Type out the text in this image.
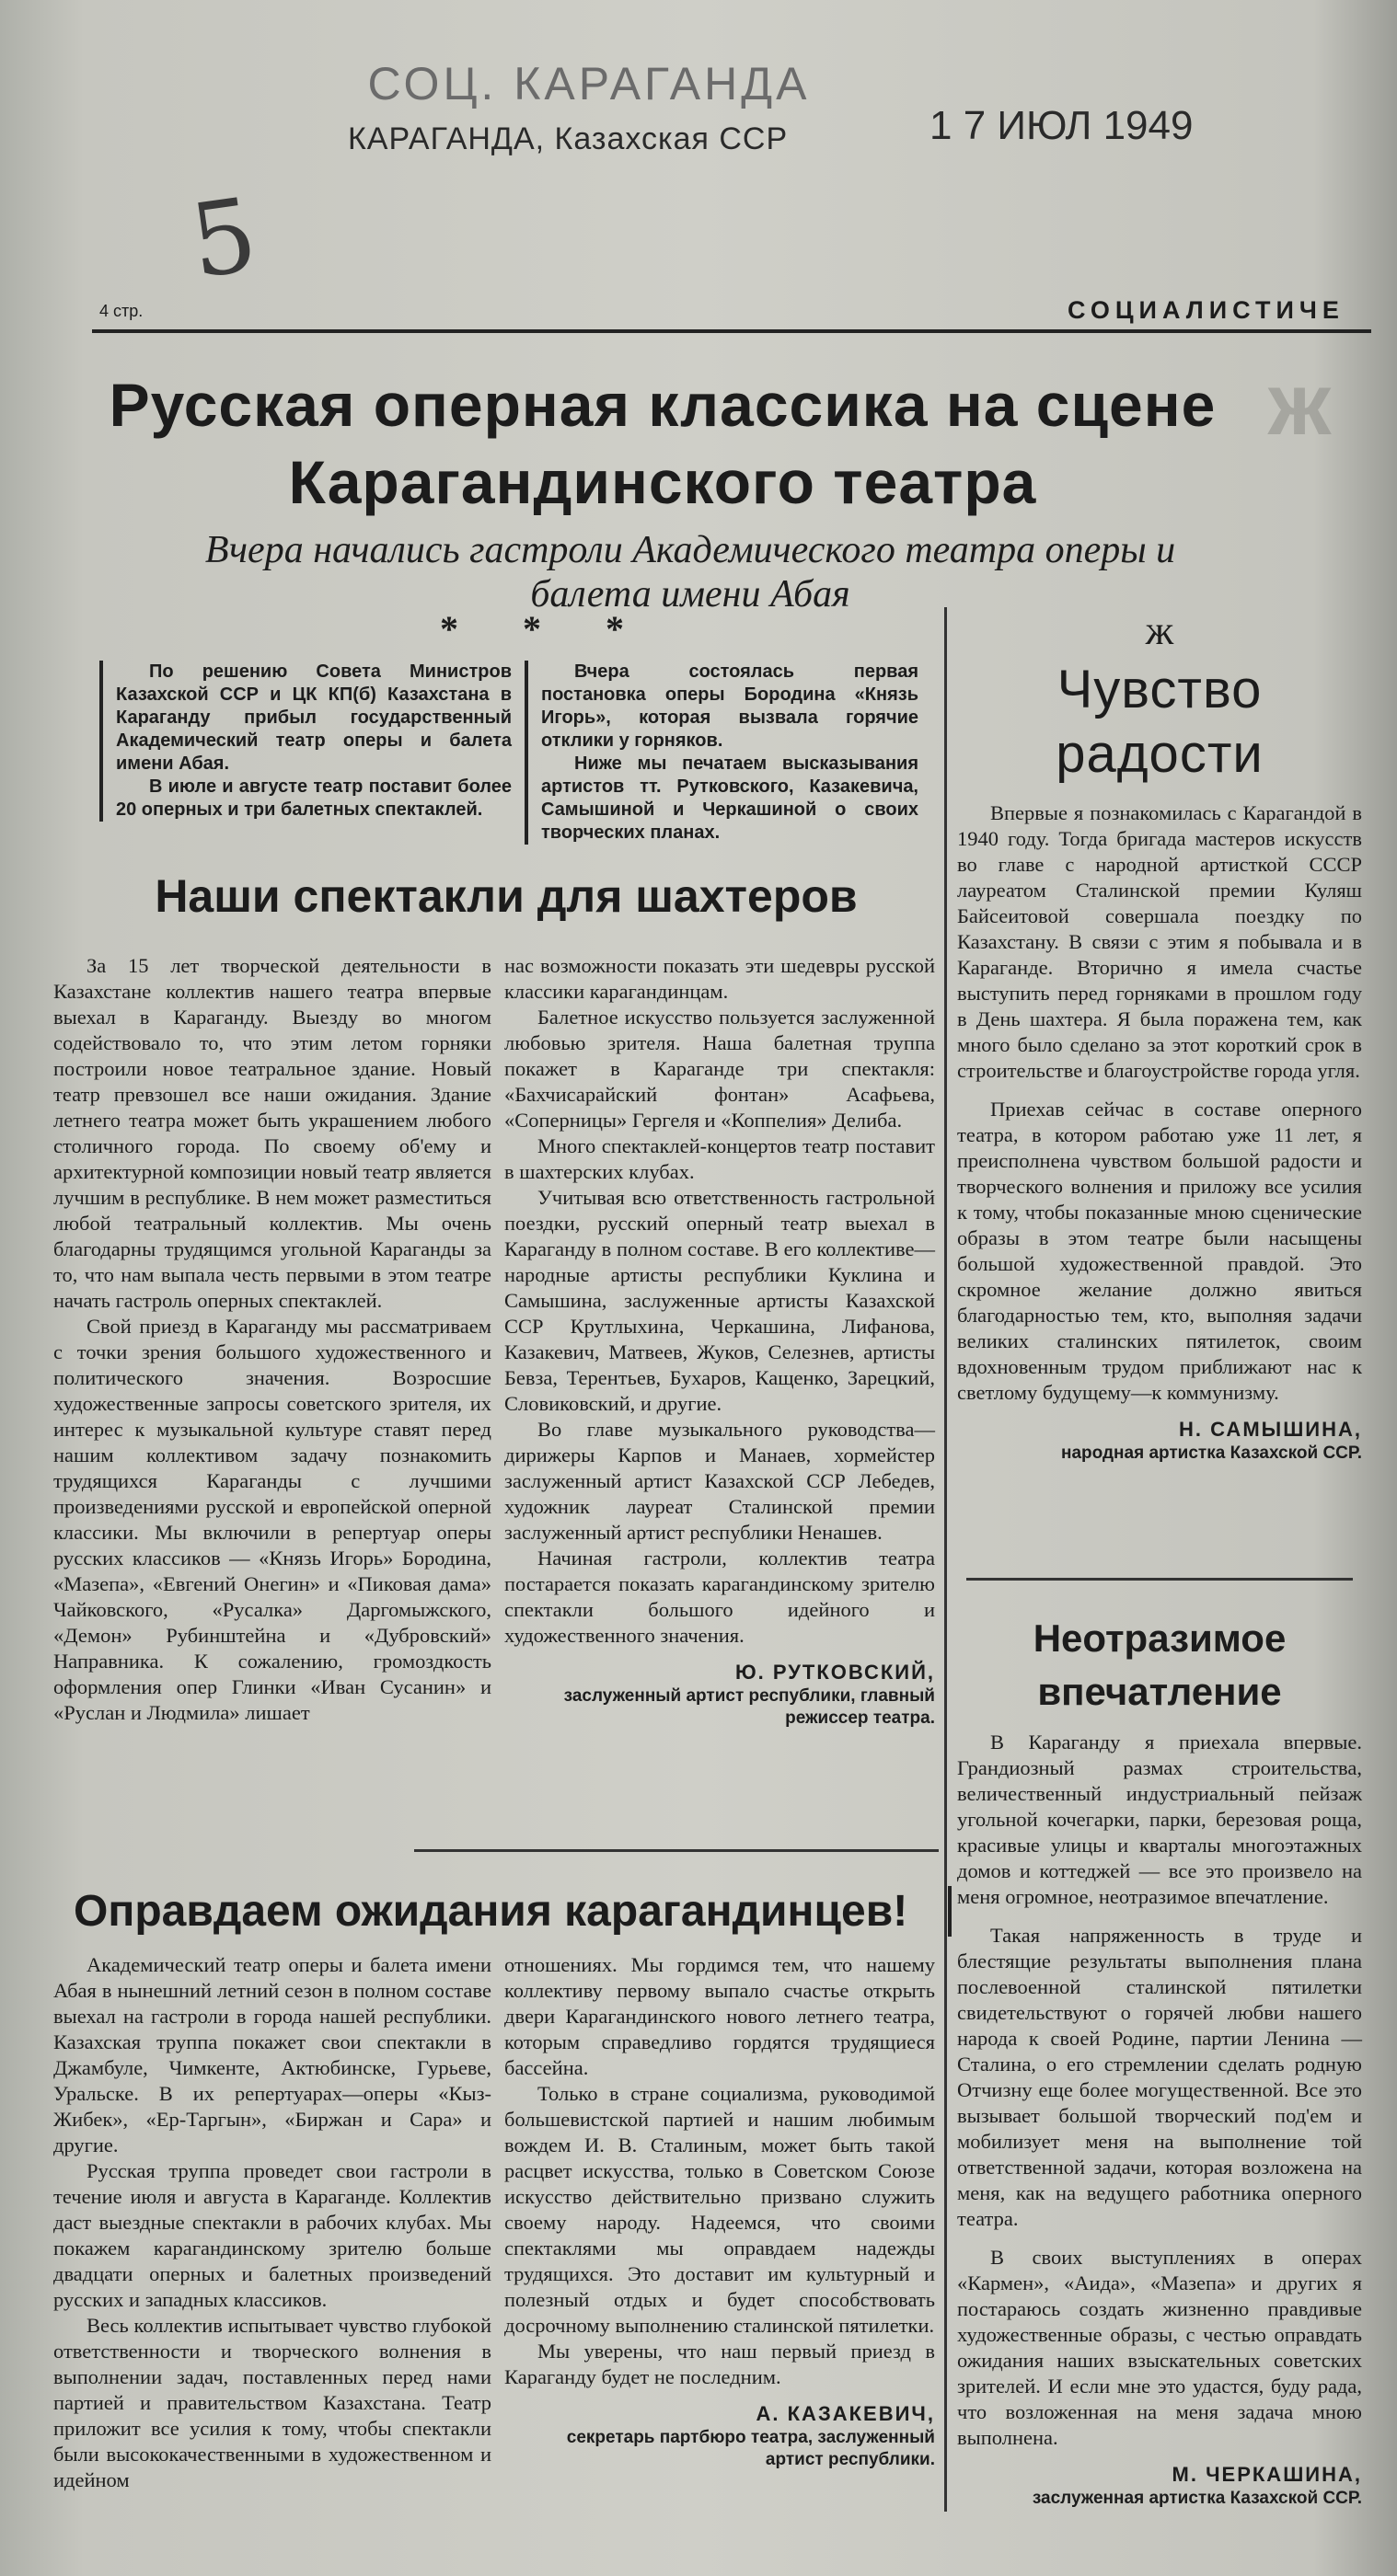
СОЦ. КАРАГАНДА
КАРАГАНДА, Казахская ССР	1 7 ИЮЛ 1949
5
4 стр.	СОЦИАЛИСТИЧЕ
ж
Русская оперная классика на сцене Карагандинского театра
Вчера начались гастроли Академического театра оперы и балета имени Абая
* * *

По решению Совета Министров Казахской ССР и ЦК КП(б) Казахстана в Караганду прибыл государственный Академический театр оперы и балета имени Абая.

В июле и августе театр поставит более 20 оперных и три балетных спектаклей.

Вчера состоялась первая постановка оперы Бородина «Князь Игорь», которая вызвала горячие отклики у горняков.

Ниже мы печатаем высказывания артистов тт. Рутковского, Казакевича, Самышиной и Черкашиной о своих творческих планах.

Наши спектакли для шахтеров

За 15 лет творческой деятельности в Казахстане коллектив нашего театра впервые выехал в Караганду. Выезду во многом содействовало то, что этим летом горняки построили новое театральное здание. Новый театр превзошел все наши ожидания. Здание летнего театра может быть украшением любого столичного города. По своему об'ему и архитектурной композиции новый театр является лучшим в республике. В нем может разместиться любой театральный коллектив. Мы очень благодарны трудящимся угольной Караганды за то, что нам выпала честь первыми в этом театре начать гастроль оперных спектаклей.

Свой приезд в Караганду мы рассматриваем с точки зрения большого художественного и политического значения. Возросшие художественные запросы советского зрителя, их интерес к музыкальной культуре ставят перед нашим коллективом задачу познакомить трудящихся Караганды с лучшими произведениями русской и европейской оперной классики. Мы включили в репертуар оперы русских классиков — «Князь Игорь» Бородина, «Мазепа», «Евгений Онегин» и «Пиковая дама» Чайковского, «Русалка» Даргомыжского, «Демон» Рубинштейна и «Дубровский» Направника. К сожалению, громоздкость оформления опер Глинки «Иван Сусанин» и «Руслан и Людмила» лишает

нас возможности показать эти шедевры русской классики карагандинцам.

Балетное искусство пользуется заслуженной любовью зрителя. Наша балетная труппа покажет в Караганде три спектакля: «Бахчисарайский фонтан» Асафьева, «Соперницы» Гергеля и «Коппелия» Делиба.

Много спектаклей-концертов театр поставит в шахтерских клубах.

Учитывая всю ответственность гастрольной поездки, русский оперный театр выехал в Караганду в полном составе. В его коллективе—народные артисты республики Куклина и Самышина, заслуженные артисты Казахской ССР Крутлыхина, Черкашина, Лифанова, Казакевич, Матвеев, Жуков, Селезнев, артисты Бевза, Терентьев, Бухаров, Кащенко, Зарецкий, Словиковский, и другие.

Во главе музыкального руководства—дирижеры Карпов и Манаев, хормейстер заслуженный артист Казахской ССР Лебедев, художник лауреат Сталинской премии заслуженный артист республики Ненашев.

Начиная гастроли, коллектив театра постарается показать карагандинскому зрителю спектакли большого идейного и художественного значения.

Ю. РУТКОВСКИЙ,
заслуженный артист республики, главный режиссер театра.
Оправдаем ожидания карагандинцев!

Академический театр оперы и балета имени Абая в нынешний летний сезон в полном составе выехал на гастроли в города нашей республики. Казахская труппа покажет свои спектакли в Джамбуле, Чимкенте, Актюбинске, Гурьеве, Уральске. В их репертуарах—оперы «Кыз-Жибек», «Ер-Таргын», «Биржан и Сара» и другие.

Русская труппа проведет свои гастроли в течение июля и августа в Караганде. Коллектив даст выездные спектакли в рабочих клубах. Мы покажем карагандинскому зрителю больше двадцати оперных и балетных произведений русских и западных классиков.

Весь коллектив испытывает чувство глубокой ответственности и творческого волнения в выполнении задач, поставленных перед нами партией и правительством Казахстана. Театр приложит все усилия к тому, чтобы спектакли были высококачественными в художественном и идейном

отношениях. Мы гордимся тем, что нашему коллективу первому выпало счастье открыть двери Карагандинского нового летнего театра, которым справедливо гордятся трудящиеся бассейна.

Только в стране социализма, руководимой большевистской партией и нашим любимым вождем И. В. Сталиным, может быть такой расцвет искусства, только в Советском Союзе искусство действительно призвано служить своему народу. Надеемся, что своими спектаклями мы оправдаем надежды трудящихся. Это доставит им культурный и полезный отдых и будет способствовать досрочному выполнению сталинской пятилетки.

Мы уверены, что наш первый приезд в Караганду будет не последним.

А. КАЗАКЕВИЧ,
секретарь партбюро театра, заслуженный артист республики.
ж
Чувство радости

Впервые я познакомилась с Карагандой в 1940 году. Тогда бригада мастеров искусств во главе с народной артисткой СССР лауреатом Сталинской премии Куляш Байсеитовой совершала поездку по Казахстану. В связи с этим я побывала и в Караганде. Вторично я имела счастье выступить перед горняками в прошлом году в День шахтера. Я была поражена тем, как много было сделано за этот короткий срок в строительстве и благоустройстве города угля.

Приехав сейчас в составе оперного театра, в котором работаю уже 11 лет, я преисполнена чувством большой радости и творческого волнения и приложу все усилия к тому, чтобы показанные мною сценические образы в этом театре были насыщены большой художественной правдой. Это скромное желание должно явиться благодарностью тем, кто, выполняя задачи великих сталинских пятилеток, своим вдохновенным трудом приближают нас к светлому будущему—к коммунизму.

Н. САМЫШИНА,
народная артистка Казахской ССР.
Неотразимое впечатление

В Караганду я приехала впервые. Грандиозный размах строительства, величественный индустриальный пейзаж угольной кочегарки, парки, березовая роща, красивые улицы и кварталы многоэтажных домов и коттеджей — все это произвело на меня огромное, неотразимое впечатление.

Такая напряженность в труде и блестящие результаты выполнения плана послевоенной сталинской пятилетки свидетельствуют о горячей любви нашего народа к своей Родине, партии Ленина — Сталина, о его стремлении сделать родную Отчизну еще более могущественной. Все это вызывает большой творческий под'ем и мобилизует меня на выполнение той ответственной задачи, которая возложена на меня, как на ведущего работника оперного театра.

В своих выступлениях в операх «Кармен», «Аида», «Мазепа» и других я постараюсь создать жизненно правдивые художественные образы, с честью оправдать ожидания наших взыскательных советских зрителей. И если мне это удастся, буду рада, что возложенная на меня задача мною выполнена.

М. ЧЕРКАШИНА,
заслуженная артистка Казахской ССР.
